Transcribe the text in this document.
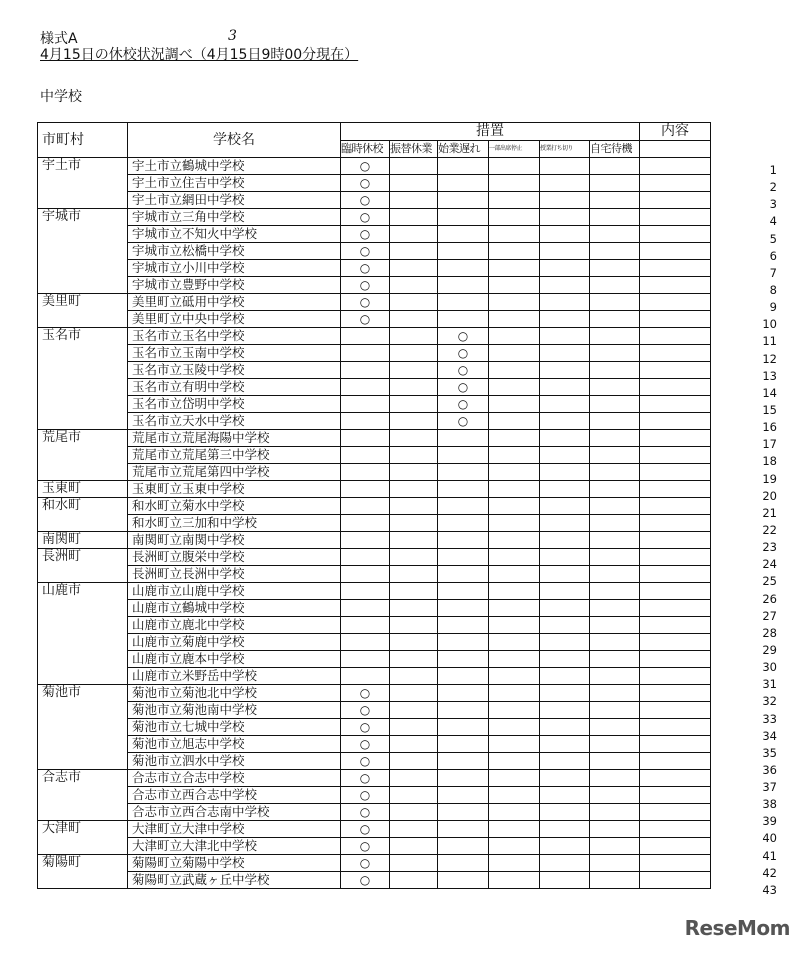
様式A	3
4月15日の休校状況調べ（4月15日9時00分現在）
中学校
市町村	学校名	措置						内容
		臨時休校	振替休業	始業遅れ	一部出席停止	授業打ち切り	自宅待機	
宇土市	宇土市立鶴城中学校	○						
	宇土市立住吉中学校	○						
	宇土市立網田中学校	○						
宇城市	宇城市立三角中学校	○						
	宇城市立不知火中学校	○						
	宇城市立松橋中学校	○						
	宇城市立小川中学校	○						
	宇城市立豊野中学校	○						
美里町	美里町立砥用中学校	○						
	美里町立中央中学校	○						
玉名市	玉名市立玉名中学校			○				
	玉名市立玉南中学校			○				
	玉名市立玉陵中学校			○				
	玉名市立有明中学校			○				
	玉名市立岱明中学校			○				
	玉名市立天水中学校			○				
荒尾市	荒尾市立荒尾海陽中学校							
	荒尾市立荒尾第三中学校							
	荒尾市立荒尾第四中学校							
玉東町	玉東町立玉東中学校							
和水町	和水町立菊水中学校							
	和水町立三加和中学校							
南関町	南関町立南関中学校							
長洲町	長洲町立腹栄中学校							
	長洲町立長洲中学校							
山鹿市	山鹿市立山鹿中学校							
	山鹿市立鶴城中学校							
	山鹿市立鹿北中学校							
	山鹿市立菊鹿中学校							
	山鹿市立鹿本中学校							
	山鹿市立米野岳中学校							
菊池市	菊池市立菊池北中学校	○						
	菊池市立菊池南中学校	○						
	菊池市立七城中学校	○						
	菊池市立旭志中学校	○						
	菊池市立泗水中学校	○						
合志市	合志市立合志中学校	○						
	合志市立西合志中学校	○						
	合志市立西合志南中学校	○						
大津町	大津町立大津中学校	○						
	大津町立大津北中学校	○						
菊陽町	菊陽町立菊陽中学校	○						
	菊陽町立武蔵ヶ丘中学校	○						
1
2
3
4
5
6
7
8
9
10
11
12
13
14
15
16
17
18
19
20
21
22
23
24
25
26
27
28
29
30
31
32
33
34
35
36
37
38
39
40
41
42
43
ReseMom
